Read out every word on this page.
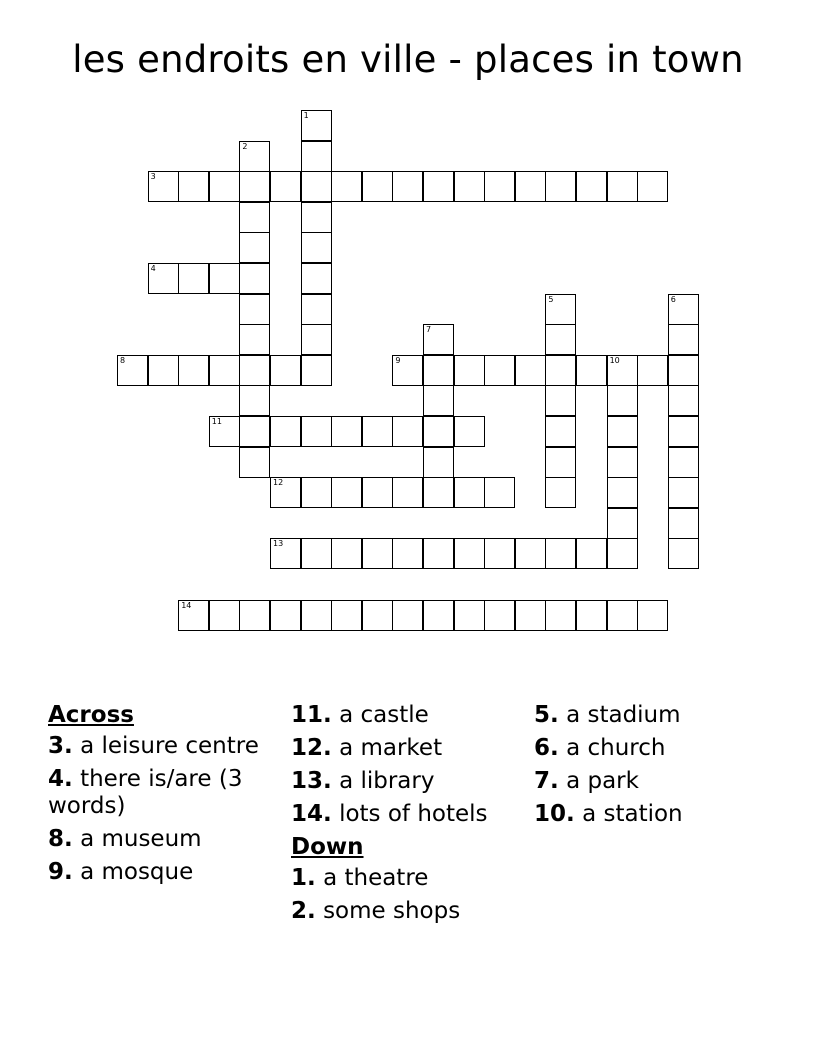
les endroits en ville - places in town
1
2
3
4
5	6
7
8	9	10
11
12
13
14
Across
3. a leisure centre
4. there is/are (3 words)
8. a museum
9. a mosque
11. a castle
12. a market
13. a library
14. lots of hotels
Down
1. a theatre
2. some shops
5. a stadium
6. a church
7. a park
10. a station
